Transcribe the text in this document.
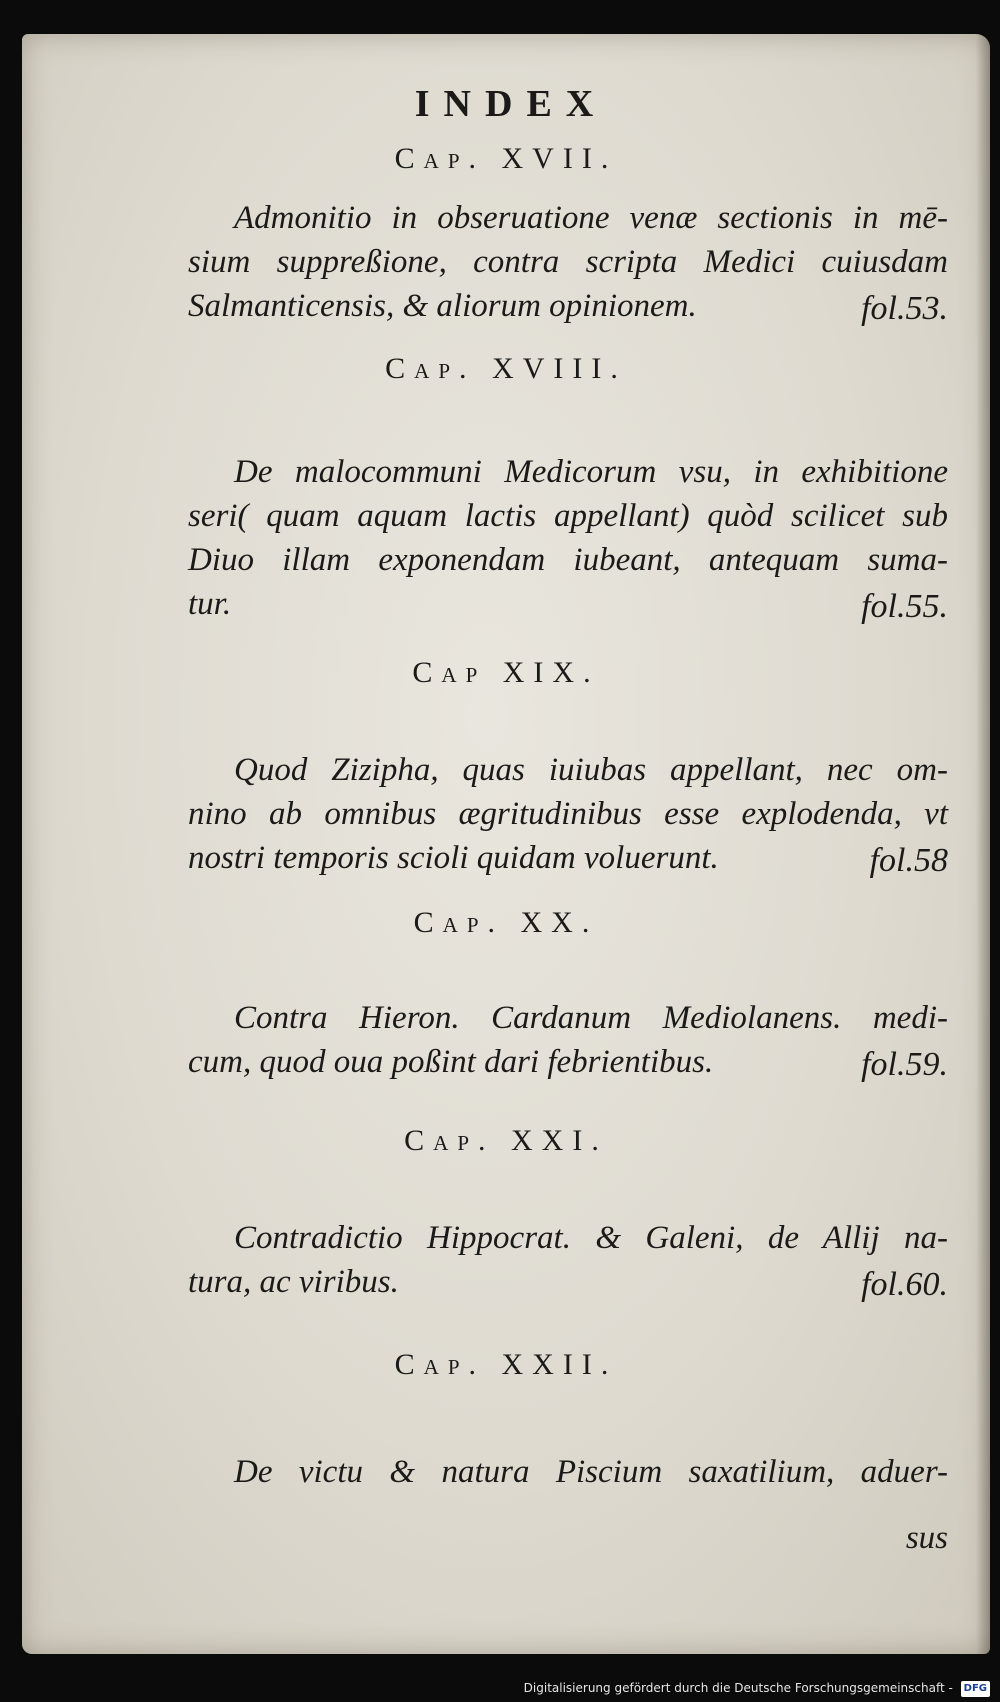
INDEX
Cap. XVII.
Admonitio in obseruatione venæ sectionis in mē-
sium suppreßione, contra scripta Medici cuiusdam
Salmanticensis, & aliorum opinionem.	fol.53.
Cap. XVIII.
De malocommuni Medicorum vsu, in exhibitione
seri( quam aquam lactis appellant) quòd scilicet sub
Diuo illam exponendam iubeant, antequam suma-
tur.	fol.55.
Cap XIX.
Quod Zizipha, quas iuiubas appellant, nec om-
nino ab omnibus ægritudinibus esse explodenda, vt
nostri temporis scioli quidam voluerunt.	fol.58
Cap. XX.
Contra Hieron. Cardanum Mediolanens. medi-
cum, quod oua poßint dari febrientibus.	fol.59.
Cap. XXI.
Contradictio Hippocrat. & Galeni, de Allij na-
tura, ac viribus.	fol.60.
Cap. XXII.
De victu & natura Piscium saxatilium, aduer-
sus
Digitalisierung gefördert durch die Deutsche Forschungsgemeinschaft - DFG
